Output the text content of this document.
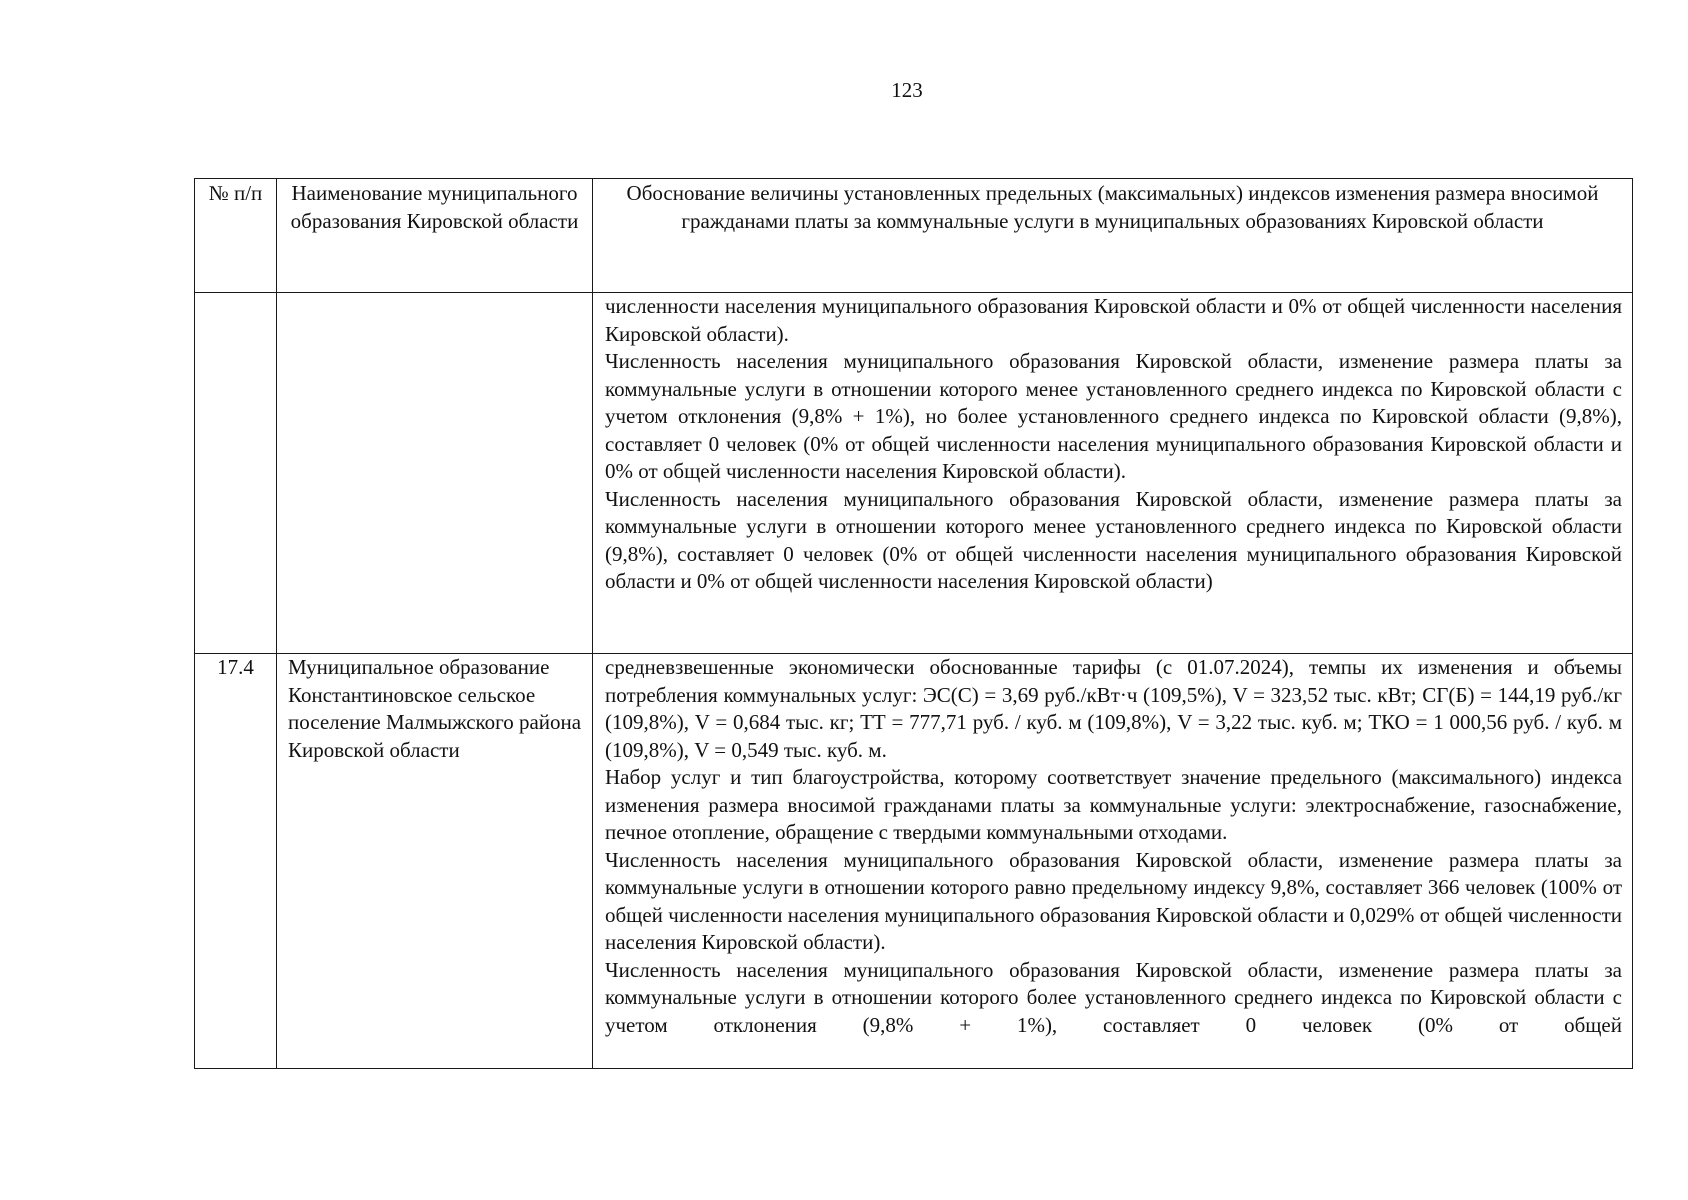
123
№ п/п	Наименование муниципального образования Кировской области	Обоснование величины установленных предельных (максимальных) индексов изменения размера вносимой гражданами платы за коммунальные услуги в муниципальных образованиях Кировской области

		численности населения муниципального образования Кировской области и 0% от общей численности населения Кировской области).

Численность населения муниципального образования Кировской области, изменение размера платы за коммунальные услуги в отношении которого менее установленного среднего индекса по Кировской области с учетом отклонения (9,8% + 1%), но более установленного среднего индекса по Кировской области (9,8%), составляет 0 человек (0% от общей численности населения муниципального образования Кировской области и 0% от общей численности населения Кировской области).

Численность населения муниципального образования Кировской области, изменение размера платы за коммунальные услуги в отношении которого менее установленного среднего индекса по Кировской области (9,8%), составляет 0 человек (0% от общей численности населения муниципального образования Кировской области и 0% от общей численности населения Кировской области)

17.4	Муниципальное образование Константиновское сельское поселение Малмыжского района Кировской области	средневзвешенные экономически обоснованные тарифы (с 01.07.2024), темпы их изменения и объемы потребления коммунальных услуг: ЭС(С) = 3,69 руб./кВт·ч (109,5%), V = 323,52 тыс. кВт; СГ(Б) = 144,19 руб./кг (109,8%), V = 0,684 тыс. кг; ТТ = 777,71 руб. / куб. м (109,8%), V = 3,22 тыс. куб. м; ТКО = 1 000,56 руб. / куб. м (109,8%), V = 0,549 тыс. куб. м.

Набор услуг и тип благоустройства, которому соответствует значение предельного (максимального) индекса изменения размера вносимой гражданами платы за коммунальные услуги: электроснабжение, газоснабжение, печное отопление, обращение с твердыми коммунальными отходами.

Численность населения муниципального образования Кировской области, изменение размера платы за коммунальные услуги в отношении которого равно предельному индексу 9,8%, составляет 366 человек (100% от общей численности населения муниципального образования Кировской области и 0,029% от общей численности населения Кировской области).

Численность населения муниципального образования Кировской области, изменение размера платы за коммунальные услуги в отношении которого более установленного среднего индекса по Кировской области с учетом отклонения (9,8% + 1%), составляет 0 человек (0% от общей
